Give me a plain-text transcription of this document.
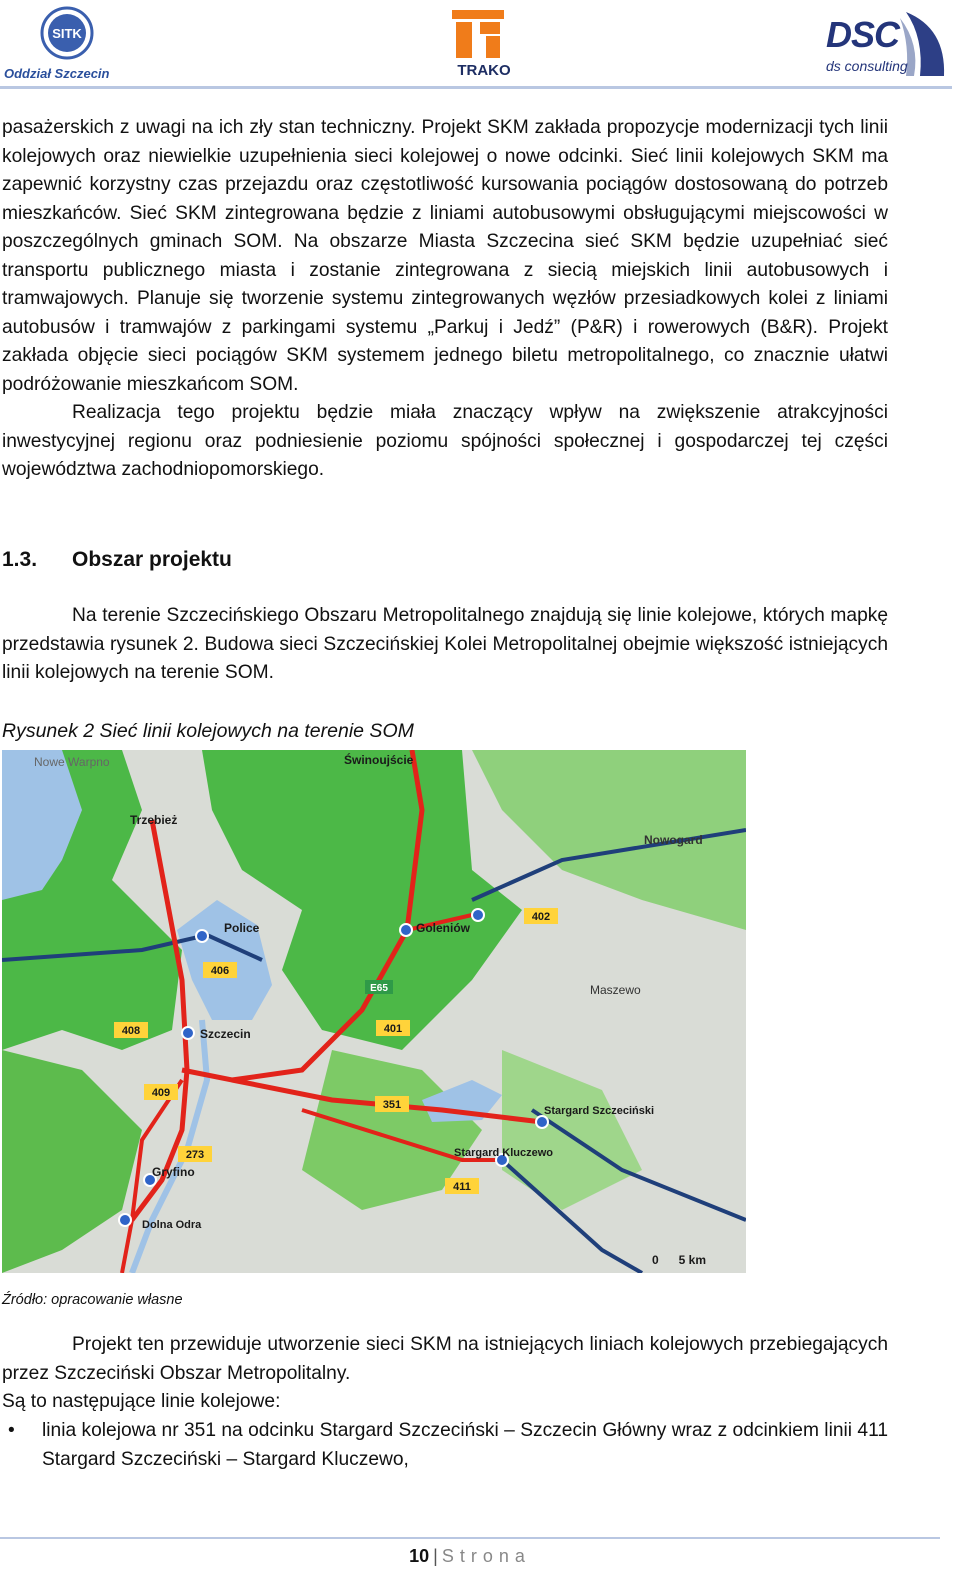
SITK
Oddział Szczecin	TRAKO
DSC
ds consulting

pasażerskich z uwagi na ich zły stan techniczny. Projekt SKM zakłada propozycje modernizacji tych linii kolejowych oraz niewielkie uzupełnienia sieci kolejowej o nowe odcinki. Sieć linii kolejowych SKM ma zapewnić korzystny czas przejazdu oraz częstotliwość kursowania pociągów dostosowaną do potrzeb mieszkańców. Sieć SKM zintegrowana będzie z liniami autobusowymi obsługującymi miejscowości w poszczególnych gminach SOM. Na obszarze Miasta Szczecina sieć SKM będzie uzupełniać sieć transportu publicznego miasta i zostanie zintegrowana z siecią miejskich linii autobusowych i tramwajowych. Planuje się tworzenie systemu zintegrowanych węzłów przesiadkowych kolei z liniami autobusów i tramwajów z parkingami systemu „Parkuj i Jedź” (P&R) i rowerowych (B&R). Projekt zakłada objęcie sieci pociągów SKM systemem jednego biletu metropolitalnego, co znacznie ułatwi podróżowanie mieszkańcom SOM.

Realizacja tego projektu będzie miała znaczący wpływ na zwiększenie atrakcyjności inwestycyjnej regionu oraz podniesienie poziomu spójności społecznej i gospodarczej tej części województwa zachodniopomorskiego.

1.3. Obszar projektu

Na terenie Szczecińskiego Obszaru Metropolitalnego znajdują się linie kolejowe, których mapkę przedstawia rysunek 2. Budowa sieci Szczecińskiej Kolei Metropolitalnej obejmie większość istniejących linii kolejowych na terenie SOM.

Rysunek 2 Sieć linii kolejowych na terenie SOM
Świnoujście
Nowe Warpno
Trzebież
Nowogard
Police	Goleniów
Maszewo
Szczecin
Stargard Szczeciński
Stargard Kluczewo
Gryfino
Dolna Odra
402
406
408	401
409
351
273
411
E65
0      5 km
Źródło: opracowanie własne

Projekt ten przewiduje utworzenie sieci SKM na istniejących liniach kolejowych przebiegających przez Szczeciński Obszar Metropolitalny.

Są to następujące linie kolejowe:

• linia kolejowa nr 351 na odcinku Stargard Szczeciński – Szczecin Główny wraz z odcinkiem linii 411 Stargard Szczeciński – Stargard Kluczewo,
10 | Strona
